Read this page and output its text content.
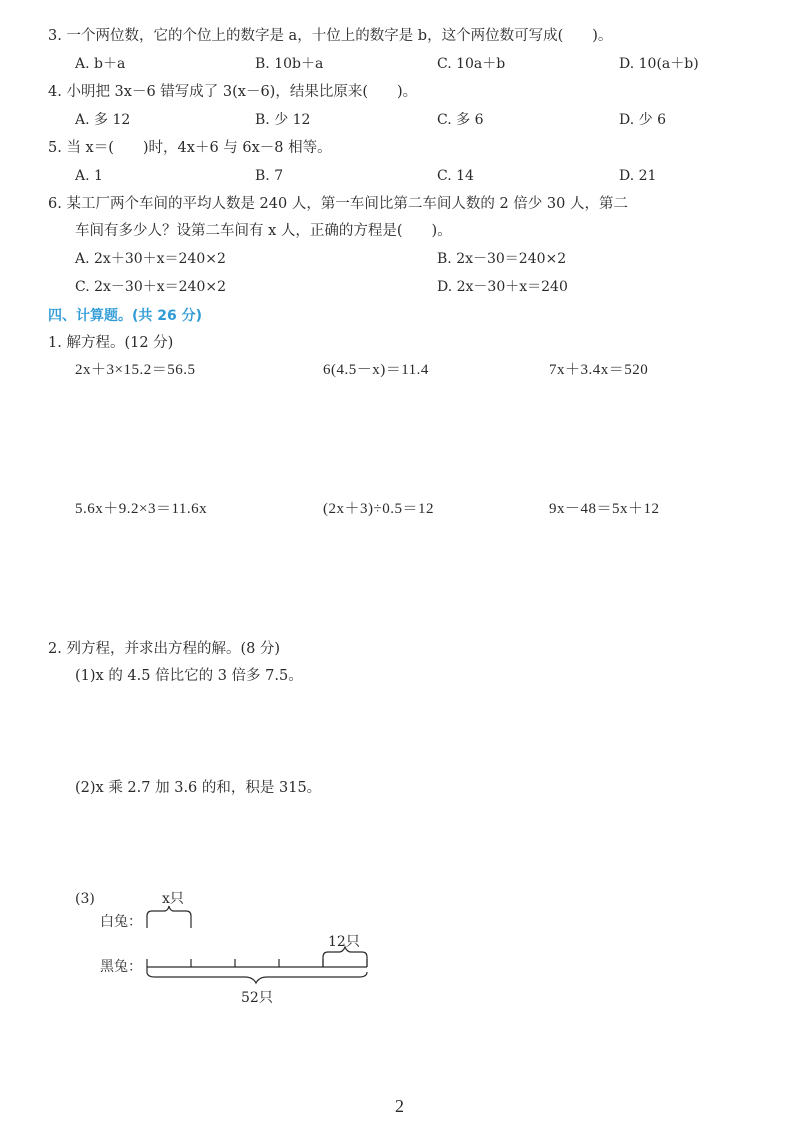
3. 一个两位数，它的个位上的数字是 a，十位上的数字是 b，这个两位数可写成(　　)。
A. b＋a	B. 10b＋a	C. 10a＋b	D. 10(a＋b)
4. 小明把 3x－6 错写成了 3(x－6)，结果比原来(　　)。
A. 多 12	B. 少 12	C. 多 6	D. 少 6
5. 当 x＝(　　)时，4x＋6 与 6x－8 相等。
A. 1	B. 7	C. 14	D. 21
6. 某工厂两个车间的平均人数是 240 人，第一车间比第二车间人数的 2 倍少 30 人，第二
车间有多少人？设第二车间有 x 人，正确的方程是(　　)。
A. 2x＋30＋x＝240×2	B. 2x－30＝240×2
C. 2x－30＋x＝240×2	D. 2x－30＋x＝240
四、计算题。(共 26 分)
1. 解方程。(12 分)
2x＋3×15.2＝56.5	6(4.5－x)＝11.4	7x＋3.4x＝520
5.6x＋9.2×3＝11.6x	(2x＋3)÷0.5＝12	9x－48＝5x＋12
2. 列方程，并求出方程的解。(8 分)
(1)x 的 4.5 倍比它的 3 倍多 7.5。
(2)x 乘 2.7 加 3.6 的和，积是 315。
(3)	x只
白兔：
12只
黑兔：
52只
2
